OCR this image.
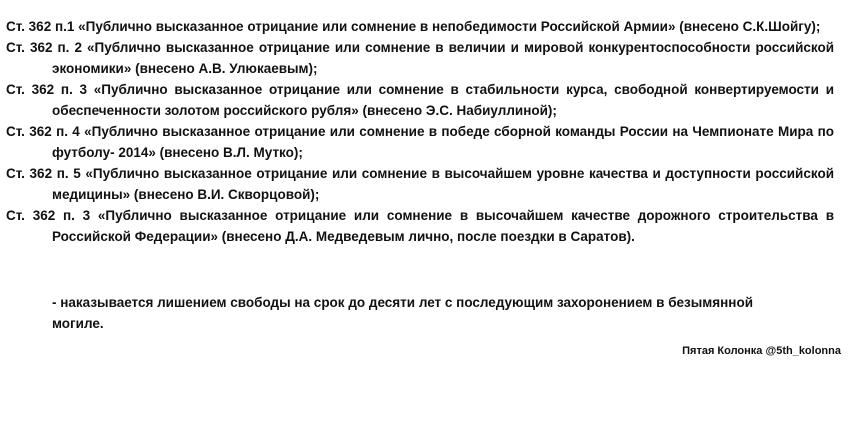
Ст. 362 п.1 «Публично высказанное отрицание или сомнение в непобедимости Российской Армии» (внесено С.К.Шойгу);

Ст. 362 п. 2 «Публично высказанное отрицание или сомнение в величии и мировой конкурентоспособности российской экономики» (внесено А.В. Улюкаевым);

Ст. 362 п. 3 «Публично высказанное отрицание или сомнение в стабильности курса, свободной конвертируемости и обеспеченности золотом российского рубля» (внесено Э.С. Набиуллиной);

Ст. 362 п. 4 «Публично высказанное отрицание или сомнение в победе сборной команды России на Чемпионате Мира по футболу- 2014» (внесено В.Л. Мутко);

Ст. 362 п. 5 «Публично высказанное отрицание или сомнение в высочайшем уровне качества и доступности российской медицины» (внесено В.И. Скворцовой);

Ст. 362 п. 3 «Публично высказанное отрицание или сомнение в высочайшем качестве дорожного строительства в Российской Федерации» (внесено Д.А. Медведевым лично, после поездки в Саратов).

- наказывается лишением свободы на срок до десяти лет с последующим захоронением в безымянной могиле.

Пятая Колонка @5th_kolonna
